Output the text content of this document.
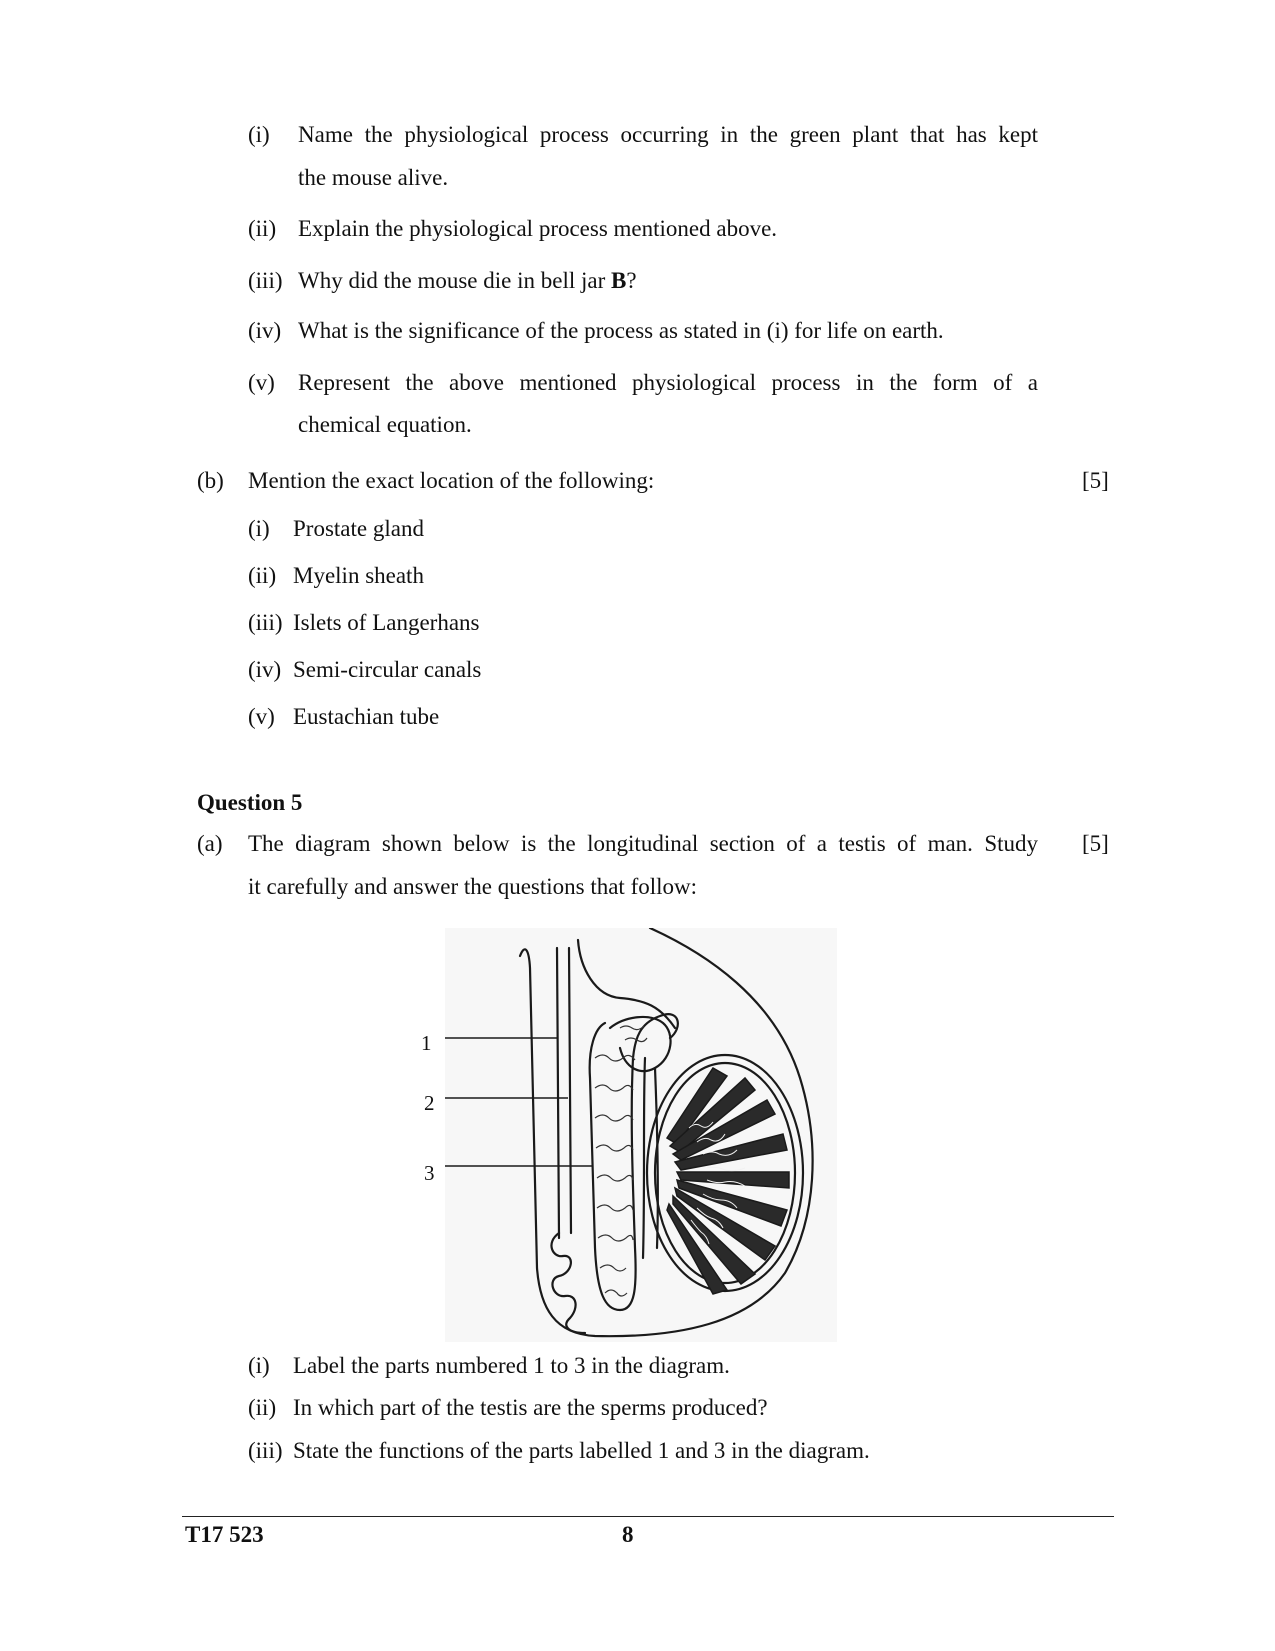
(i) Name the physiological process occurring in the green plant that has kept
the mouse alive.
(ii) Explain the physiological process mentioned above.
(iii) Why did the mouse die in bell jar B?
(iv) What is the significance of the process as stated in (i) for life on earth.
(v) Represent the above mentioned physiological process in the form of a
chemical equation.
(b) Mention the exact location of the following:	[5]
(i) Prostate gland
(ii) Myelin sheath
(iii) Islets of Langerhans
(iv) Semi-circular canals
(v) Eustachian tube
Question 5
(a) The diagram shown below is the longitudinal section of a testis of man. Study
it carefully and answer the questions that follow:
[5]
1
2
3
(i) Label the parts numbered 1 to 3 in the diagram.
(ii) In which part of the testis are the sperms produced?
(iii) State the functions of the parts labelled 1 and 3 in the diagram.
T17 523	8
